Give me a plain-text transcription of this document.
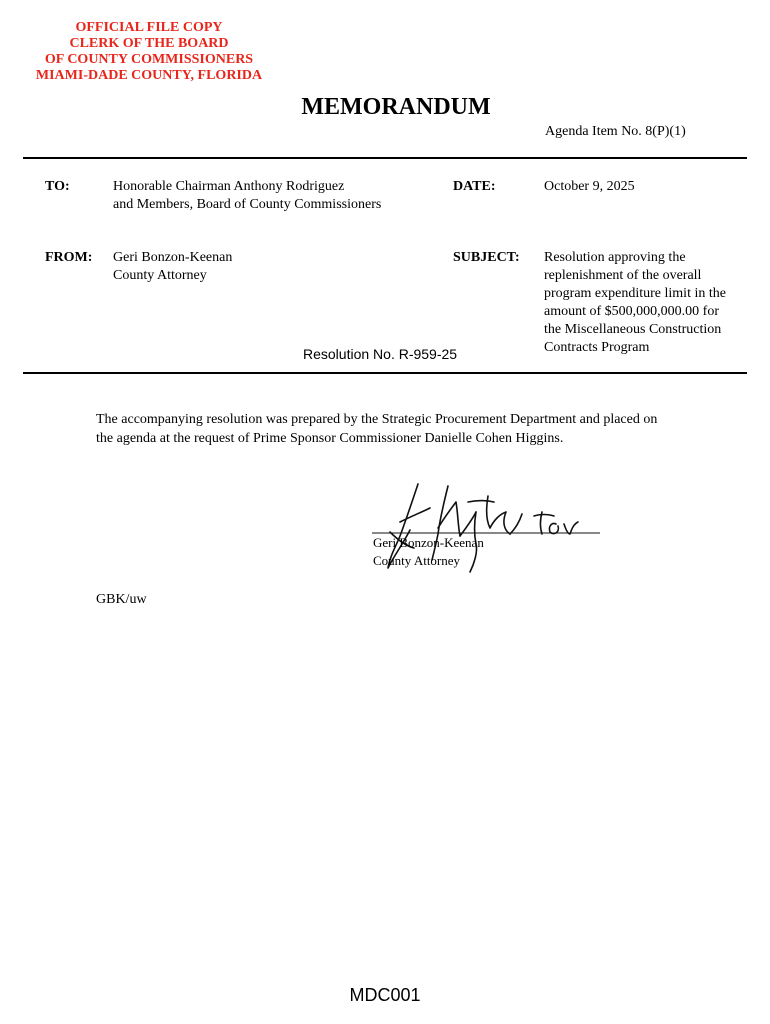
OFFICIAL FILE COPY
CLERK OF THE BOARD
OF COUNTY COMMISSIONERS
MIAMI-DADE COUNTY, FLORIDA
MEMORANDUM
Agenda Item No. 8(P)(1)
TO:	Honorable Chairman Anthony Rodriguez
and Members, Board of County Commissioners
DATE:	October 9, 2025
FROM: Geri Bonzon-Keenan
County Attorney
SUBJECT: Resolution approving the
replenishment of the overall
program expenditure limit in the
amount of $500,000,000.00 for
the Miscellaneous Construction
Contracts Program
Resolution No. R-959-25
The accompanying resolution was prepared by the Strategic Procurement Department and placed on
the agenda at the request of Prime Sponsor Commissioner Danielle Cohen Higgins.
Geri Bonzon-Keenan
County Attorney
GBK/uw
MDC001
